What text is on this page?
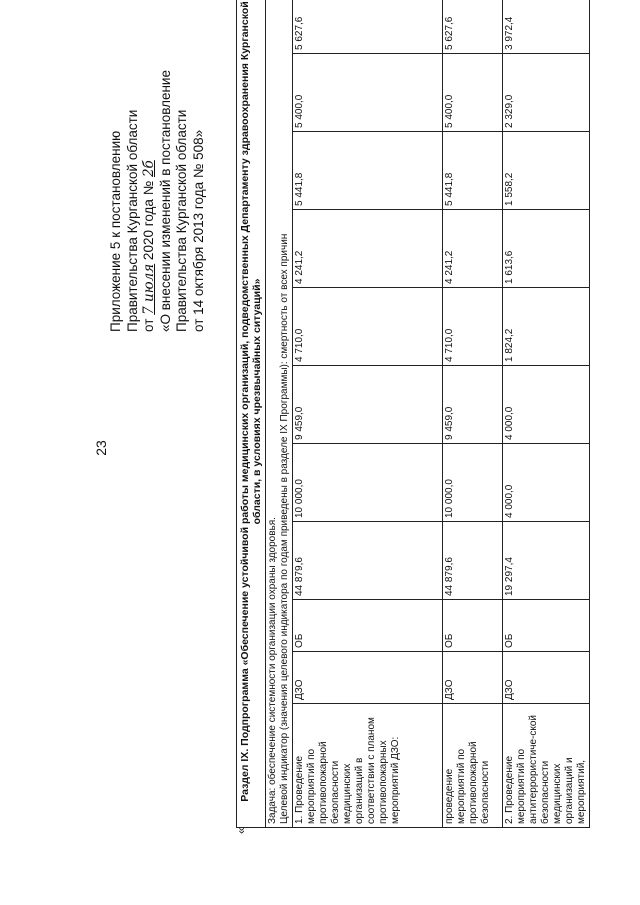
23
Приложение 5 к постановлению Правительства Курганской области от 7 июля 2020 года № 2б «О внесении изменений в постановление Правительства Курганской области от 14 октября 2013 года № 508»
«
Раздел IX. Подпрограмма «Обеспечение устойчивой работы медицинских организаций, подведомственных Департаменту здравоохранения Курганской области, в условиях чрезвычайных ситуаций»										

Задача: обеспечение системности организации охраны здоровья. Целевой индикатор (значения целевого индикатора по годам приведены в разделе IX Программы): смертность от всех причин										

1. Проведение мероприятий по противопожарной безопасности медицинских организаций в соответствии с планом противопожарных мероприятий ДЗО:	ДЗО	ОБ	44 879,6	10 000,0	9 459,0	4 710,0	4 241,2	5 441,8	5 400,0	5 627,6
проведение мероприятий по противопожарной безопасности	ДЗО	ОБ	44 879,6	10 000,0	9 459,0	4 710,0	4 241,2	5 441,8	5 400,0	5 627,6
2. Проведение мероприятий по антитеррористиче-ской безопасности медицинских организаций и мероприятий,	ДЗО	ОБ	19 297,4	4 000,0	4 000,0	1 824,2	1 613,6	1 558,2	2 329,0	3 972,4
